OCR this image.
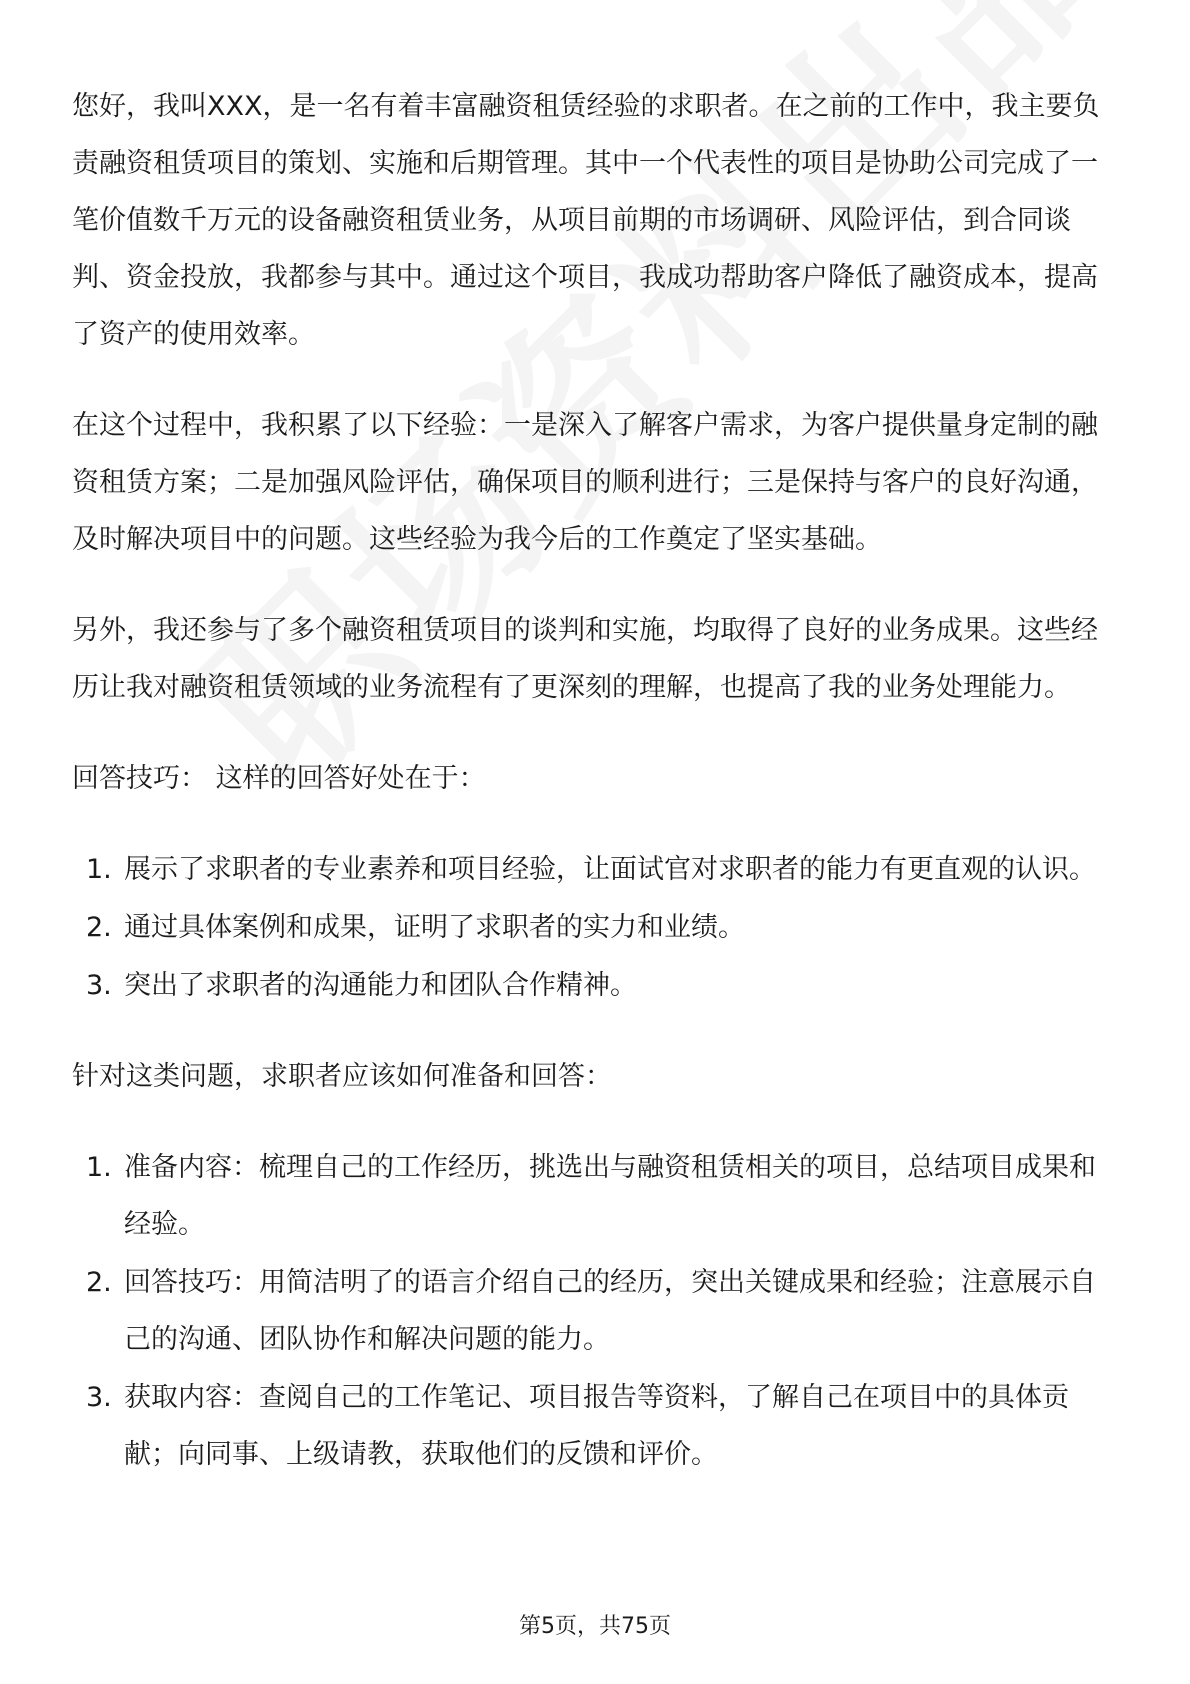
您好，我叫XXX，是一名有着丰富融资租赁经验的求职者。在之前的工作中，我主要负责融资租赁项目的策划、实施和后期管理。其中一个代表性的项目是协助公司完成了一笔价值数千万元的设备融资租赁业务，从项目前期的市场调研、风险评估，到合同谈判、资金投放，我都参与其中。通过这个项目，我成功帮助客户降低了融资成本，提高了资产的使用效率。

在这个过程中，我积累了以下经验：一是深入了解客户需求，为客户提供量身定制的融资租赁方案；二是加强风险评估，确保项目的顺利进行；三是保持与客户的良好沟通，及时解决项目中的问题。这些经验为我今后的工作奠定了坚实基础。

另外，我还参与了多个融资租赁项目的谈判和实施，均取得了良好的业务成果。这些经历让我对融资租赁领域的业务流程有了更深刻的理解，也提高了我的业务处理能力。

回答技巧： 这样的回答好处在于：

1. 展示了求职者的专业素养和项目经验，让面试官对求职者的能力有更直观的认识。
2. 通过具体案例和成果，证明了求职者的实力和业绩。
3. 突出了求职者的沟通能力和团队合作精神。

针对这类问题，求职者应该如何准备和回答：

1. 准备内容：梳理自己的工作经历，挑选出与融资租赁相关的项目，总结项目成果和经验。
2. 回答技巧：用简洁明了的语言介绍自己的经历，突出关键成果和经验；注意展示自己的沟通、团队协作和解决问题的能力。
3. 获取内容：查阅自己的工作笔记、项目报告等资料，了解自己在项目中的具体贡献；向同事、上级请教，获取他们的反馈和评价。
第5页，共75页
